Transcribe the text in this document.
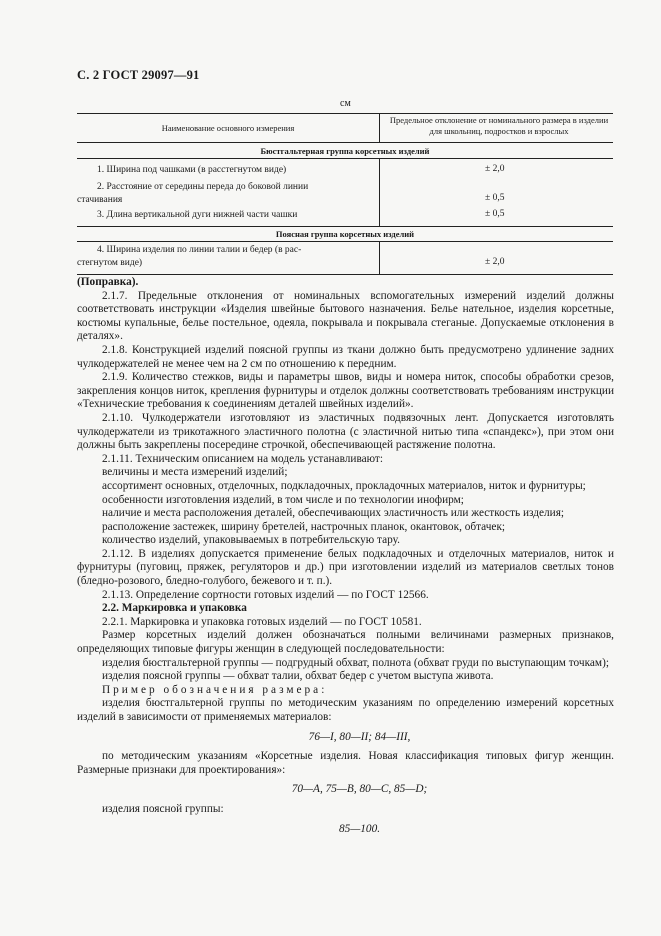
С. 2 ГОСТ 29097—91
см
Наименование основного измерения
Предельное отклонение от номинального размера в изделии для школьниц, подростков и взрослых
Бюстгальтерная группа корсетных изделий
1. Ширина под чашками (в расстегнутом виде)	± 2,0
2. Расстояние от середины переда до боковой линии
стачивания	± 0,5
3. Длина вертикальной дуги нижней части чашки	± 0,5
Поясная группа корсетных изделий
4. Ширина изделия по линии талии и бедер (в рас-
стегнутом виде)	± 2,0

(Поправка).

2.1.7. Предельные отклонения от номинальных вспомогательных измерений изделий должны соответствовать инструкции «Изделия швейные бытового назначения. Белье нательное, изделия корсетные, костюмы купальные, белье постельное, одеяла, покрывала и покрывала стеганые. Допускаемые отклонения в деталях».

2.1.8. Конструкцией изделий поясной группы из ткани должно быть предусмотрено удлинение задних чулкодержателей не менее чем на 2 см по отношению к передним.

2.1.9. Количество стежков, виды и параметры швов, виды и номера ниток, способы обработки срезов, закрепления концов ниток, крепления фурнитуры и отделок должны соответствовать требованиям инструкции «Технические требования к соединениям деталей швейных изделий».

2.1.10. Чулкодержатели изготовляют из эластичных подвязочных лент. Допускается изготовлять чулкодержатели из трикотажного эластичного полотна (с эластичной нитью типа «спандекс»), при этом они должны быть закреплены посередине строчкой, обеспечивающей растяжение полотна.

2.1.11. Техническим описанием на модель устанавливают:

величины и места измерений изделий;

ассортимент основных, отделочных, подкладочных, прокладочных материалов, ниток и фурнитуры;

особенности изготовления изделий, в том числе и по технологии инофирм;

наличие и места расположения деталей, обеспечивающих эластичность или жесткость изделия;

расположение застежек, ширину бретелей, настрочных планок, окантовок, обтачек;

количество изделий, упаковываемых в потребительскую тару.

2.1.12. В изделиях допускается применение белых подкладочных и отделочных материалов, ниток и фурнитуры (пуговиц, пряжек, регуляторов и др.) при изготовлении изделий из материалов светлых тонов (бледно-розового, бледно-голубого, бежевого и т. п.).

2.1.13. Определение сортности готовых изделий — по ГОСТ 12566.

2.2. Маркировка и упаковка

2.2.1. Маркировка и упаковка готовых изделий — по ГОСТ 10581.

Размер корсетных изделий должен обозначаться полными величинами размерных признаков, определяющих типовые фигуры женщин в следующей последовательности:

изделия бюстгальтерной группы — подгрудный обхват, полнота (обхват груди по выступающим точкам);

изделия поясной группы — обхват талии, обхват бедер с учетом выступа живота.

Пример обозначения размера:

изделия бюстгальтерной группы по методическим указаниям по определению измерений корсетных изделий в зависимости от применяемых материалов:

76—I, 80—II; 84—III,

по методическим указаниям «Корсетные изделия. Новая классификация типовых фигур женщин. Размерные признаки для проектирования»:

70—A, 75—B, 80—C, 85—D;

изделия поясной группы:

85—100.
